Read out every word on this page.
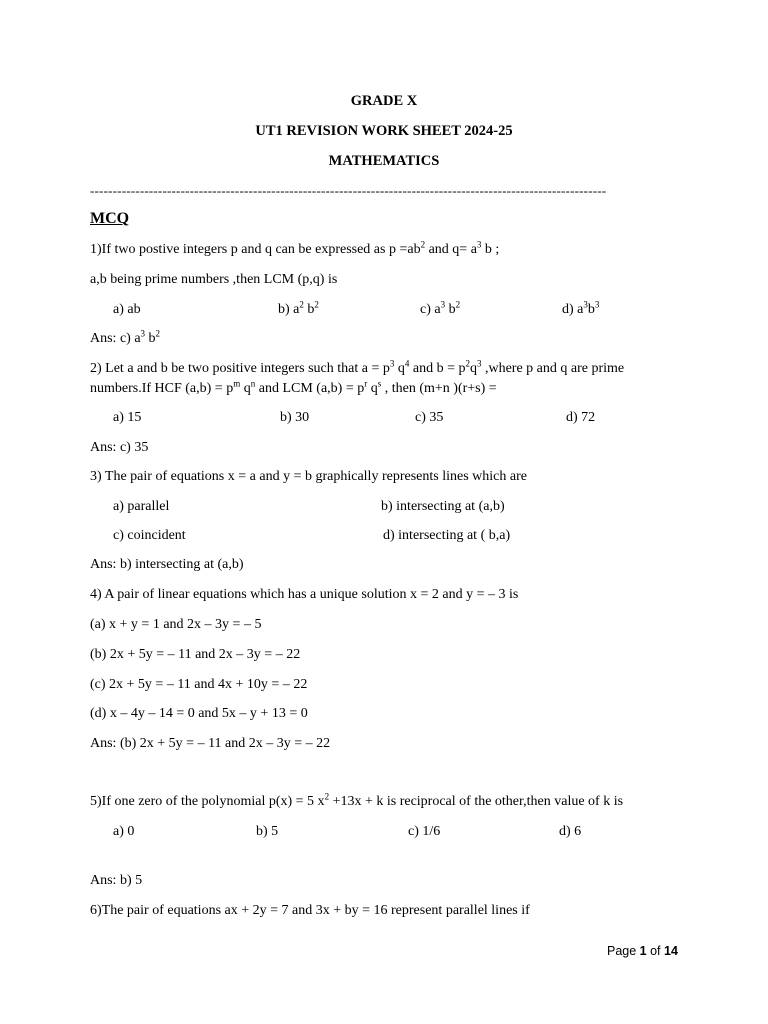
GRADE X
UT1 REVISION WORK SHEET 2024-25
MATHEMATICS
------------------------------------------------------------------------------------------------------------------
MCQ
1)If two postive integers p and q can be expressed as $p =ab^2$ and $q= a^3$ b ;
a,b being prime numbers ,then LCM (p,q) is
a) ab	b) $a^2$ $b^2$	c) $a^3$ $b^2$	d) $a^3b^3$
Ans: c) $a^3$ $b^2$
2) Let a and b be two positive integers such that $a = p^3$ $q^4$ and $b = p^2q^3$ ,where p and q are prime
numbers.If HCF $(a,b) = p^m$ $q^n$ and LCM $(a,b) = p^r$ $q^s$ , then (m+n )(r+s) =
a) 15	b) 30	c) 35	d) 72
Ans: c) 35
3) The pair of equations x = a and y = b graphically represents lines which are
a) parallel	b) intersecting at (a,b)
c) coincident	d) intersecting at ( b,a)
Ans: b) intersecting at (a,b)
4) A pair of linear equations which has a unique solution x = 2 and y = – 3 is
(a) x + y = 1 and 2x – 3y = – 5
(b) 2x + 5y = – 11 and 2x – 3y = – 22
(c) 2x + 5y = – 11 and 4x + 10y = – 22
(d) x – 4y – 14 = 0 and 5x – y + 13 = 0
Ans: (b) 2x + 5y = – 11 and 2x – 3y = – 22
5)If one zero of the polynomial p(x) = 5 $x^2 +13x + k$ is reciprocal of the other,then value of k is
a) 0	b) 5	c) 1/6	d) 6
Ans: b) 5
6)The pair of equations ax + 2y = 7 and 3x + by = 16 represent parallel lines if
Page 1 of 14
